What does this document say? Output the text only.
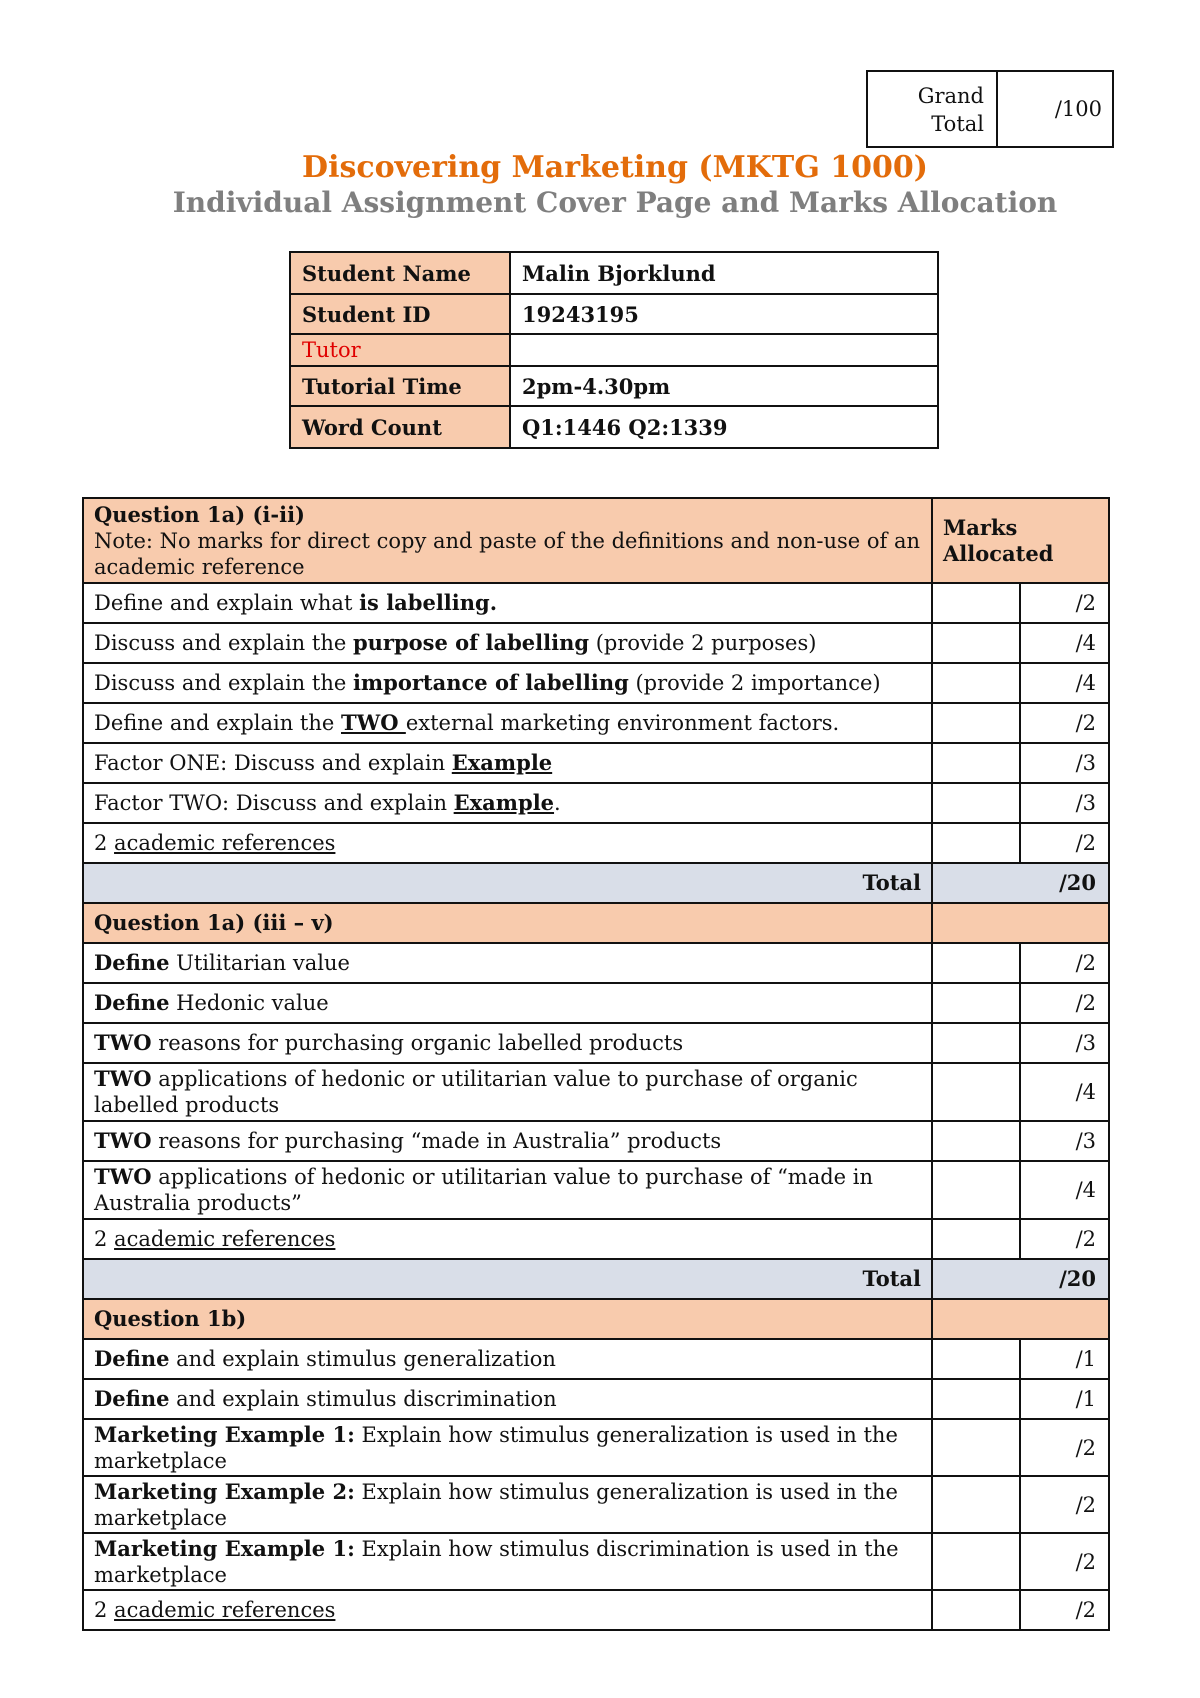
Grand
Total
/100
Discovering Marketing (MKTG 1000)
Individual Assignment Cover Page and Marks Allocation
Student Name	Malin Bjorklund
Student ID	19243195
Tutor	
Tutorial Time	2pm-4.30pm
Word Count	Q1:1446 Q2:1339
Question 1a) (i-ii)
Note: No marks for direct copy and paste of the definitions and non-use of an academic reference	Marks Allocated	
Define and explain what is labelling.		/2
Discuss and explain the purpose of labelling (provide 2 purposes)		/4
Discuss and explain the importance of labelling (provide 2 importance)		/4
Define and explain the TWO external marketing environment factors.		/2
Factor ONE: Discuss and explain Example		/3
Factor TWO: Discuss and explain Example.		/3
2 academic references		/2
Total	/20	
Question 1a) (iii – v)		
Define Utilitarian value		/2
Define Hedonic value		/2
TWO reasons for purchasing organic labelled products		/3
TWO applications of hedonic or utilitarian value to purchase of organic labelled products		/4
TWO reasons for purchasing “made in Australia” products		/3
TWO applications of hedonic or utilitarian value to purchase of “made in Australia products”		/4
2 academic references		/2
Total	/20	
Question 1b)		
Define and explain stimulus generalization		/1
Define and explain stimulus discrimination		/1
Marketing Example 1: Explain how stimulus generalization is used in the marketplace		/2
Marketing Example 2: Explain how stimulus generalization is used in the marketplace		/2
Marketing Example 1: Explain how stimulus discrimination is used in the marketplace		/2
2 academic references		/2
